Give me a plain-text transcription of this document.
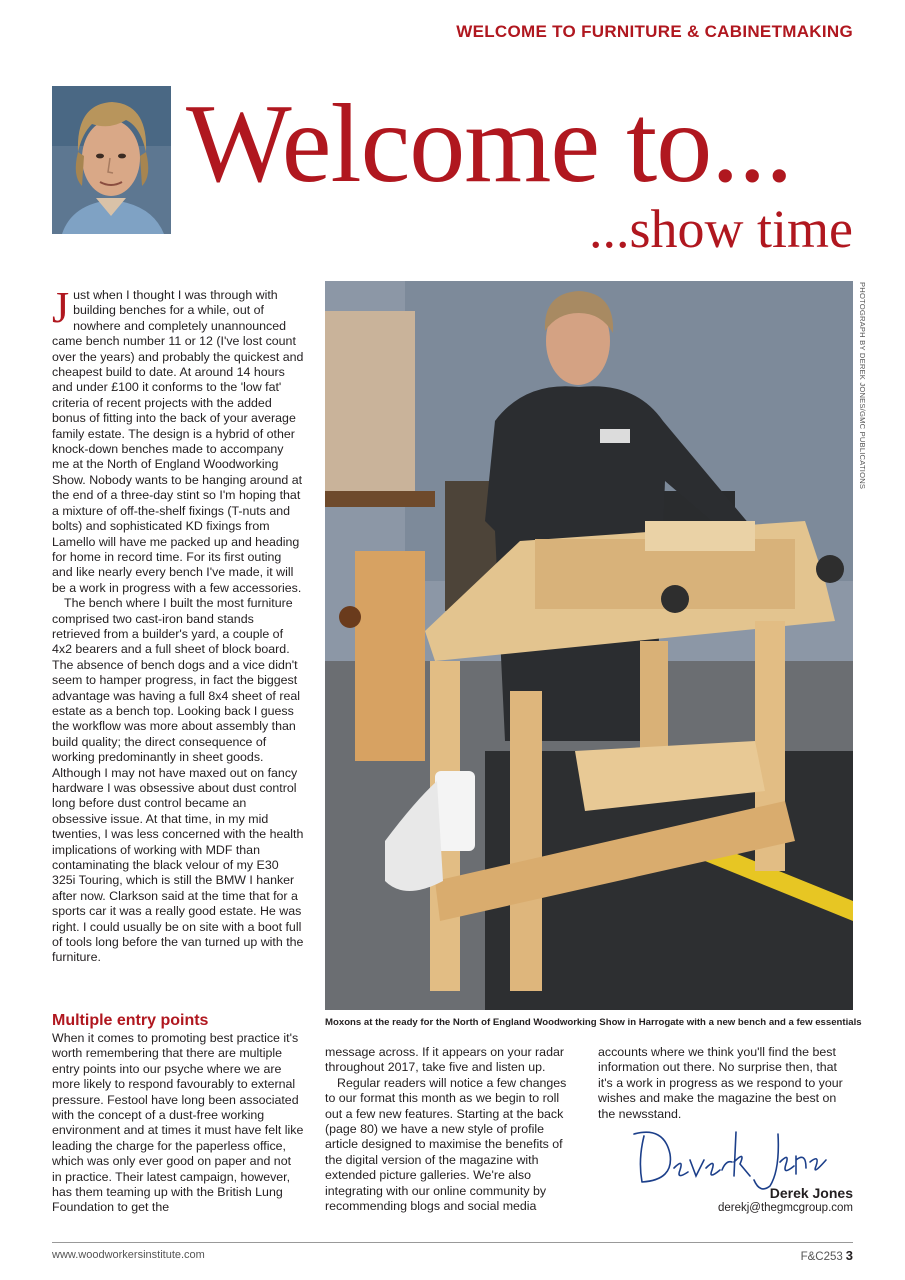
WELCOME TO FURNITURE & CABINETMAKING
Welcome to...
...show time
J ust when I thought I was through with building benches for a while, out of nowhere and completely unannounced came bench number 11 or 12 (I've lost count over the years) and probably the quickest and cheapest build to date. At around 14 hours and under £100 it conforms to the 'low fat' criteria of recent projects with the added bonus of fitting into the back of your average family estate. The design is a hybrid of other knock-down benches made to accompany me at the North of England Woodworking Show. Nobody wants to be hanging around at the end of a three-day stint so I'm hoping that a mixture of off-the-shelf fixings (T-nuts and bolts) and sophisticated KD fixings from Lamello will have me packed up and heading for home in record time. For its first outing and like nearly every bench I've made, it will be a work in progress with a few accessories.

The bench where I built the most furniture comprised two cast-iron band stands retrieved from a builder's yard, a couple of 4x2 bearers and a full sheet of block board. The absence of bench dogs and a vice didn't seem to hamper progress, in fact the biggest advantage was having a full 8x4 sheet of real estate as a bench top. Looking back I guess the workflow was more about assembly than build quality; the direct consequence of working predominantly in sheet goods. Although I may not have maxed out on fancy hardware I was obsessive about dust control long before dust control became an obsessive issue. At that time, in my mid twenties, I was less concerned with the health implications of working with MDF than contaminating the black velour of my E30 325i Touring, which is still the BMW I hanker after now. Clarkson said at the time that for a sports car it was a really good estate. He was right. I could usually be on site with a boot full of tools long before the van turned up with the furniture.

Multiple entry points

When it comes to promoting best practice it's worth remembering that there are multiple entry points into our psyche where we are more likely to respond favourably to external pressure. Festool have long been associated with the concept of a dust-free working environment and at times it must have felt like leading the charge for the paperless office, which was only ever good on paper and not in practice. Their latest campaign, however, has them teaming up with the British Lung Foundation to get the

PHOTOGRAPH BY DEREK JONES/GMC PUBLICATIONS
Moxons at the ready for the North of England Woodworking Show in Harrogate with a new bench and a few essentials

message across. If it appears on your radar throughout 2017, take five and listen up.

Regular readers will notice a few changes to our format this month as we begin to roll out a few new features. Starting at the back (page 80) we have a new style of profile article designed to maximise the benefits of the digital version of the magazine with extended picture galleries. We're also integrating with our online community by recommending blogs and social media

accounts where we think you'll find the best information out there. No surprise then, that it's a work in progress as we respond to your wishes and make the magazine the best on the newsstand.

Derek Jones
derekj@thegmcgroup.com
www.woodworkersinstitute.com	F&C253 3
